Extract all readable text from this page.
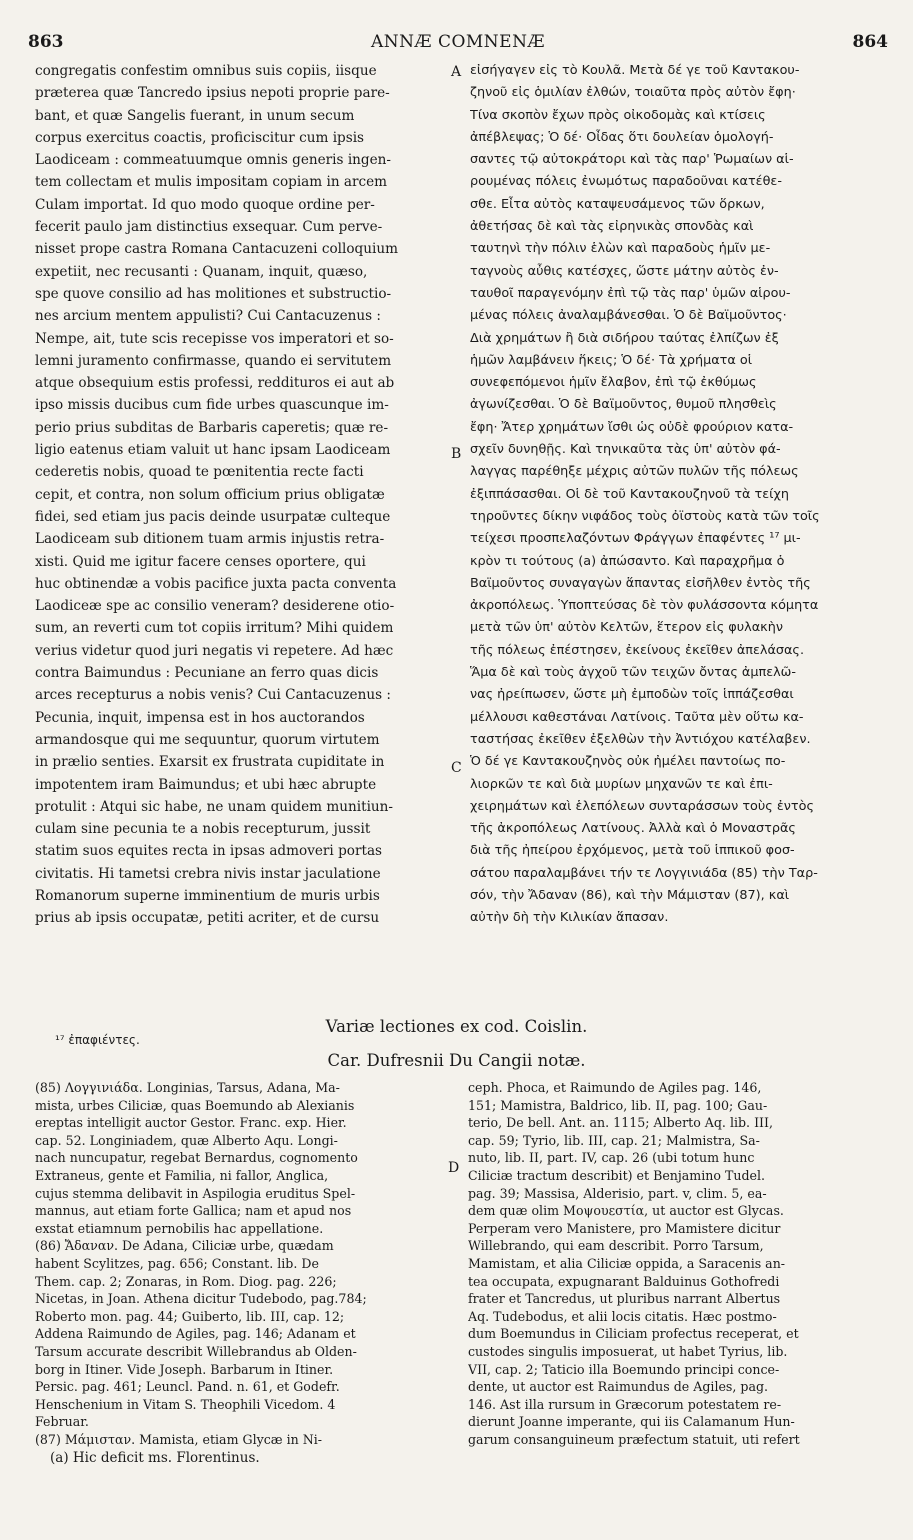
863	ANNÆ COMNENÆ	864
congregatis confestim omnibus suis copiis, iisque
præterea quæ Tancredo ipsius nepoti proprie pare-
bant, et quæ Sangelis fuerant, in unum secum
corpus exercitus coactis, proficiscitur cum ipsis
Laodiceam : commeatuumque omnis generis ingen-
tem collectam et mulis impositam copiam in arcem
Culam importat. Id quo modo quoque ordine per-
fecerit paulo jam distinctius exsequar. Cum perve-
nisset prope castra Romana Cantacuzeni colloquium
expetiit, nec recusanti : Quanam, inquit, quæso,
spe quove consilio ad has molitiones et substructio-
nes arcium mentem appulisti? Cui Cantacuzenus :
Nempe, ait, tute scis recepisse vos imperatori et so-
lemni juramento confirmasse, quando ei servitutem
atque obsequium estis professi, reddituros ei aut ab
ipso missis ducibus cum fide urbes quascunque im-
perio prius subditas de Barbaris caperetis; quæ re-
ligio eatenus etiam valuit ut hanc ipsam Laodiceam
cederetis nobis, quoad te pœnitentia recte facti
cepit, et contra, non solum officium prius obligatæ
fidei, sed etiam jus pacis deinde usurpatæ culteque
Laodiceam sub ditionem tuam armis injustis retra-
xisti. Quid me igitur facere censes oportere, qui
huc obtinendæ a vobis pacifice juxta pacta conventa
Laodiceæ spe ac consilio veneram? desiderene otio-
sum, an reverti cum tot copiis irritum? Mihi quidem
verius videtur quod juri negatis vi repetere. Ad hæc
contra Baimundus : Pecuniane an ferro quas dicis
arces recepturus a nobis venis? Cui Cantacuzenus :
Pecunia, inquit, impensa est in hos auctorandos
armandosque qui me sequuntur, quorum virtutem
in prælio senties. Exarsit ex frustrata cupiditate in
impotentem iram Baimundus; et ubi hæc abrupte
protulit : Atqui sic habe, ne unam quidem munitiun-
culam sine pecunia te a nobis recepturum, jussit
statim suos equites recta in ipsas admoveri portas
civitatis. Hi tametsi crebra nivis instar jaculatione
Romanorum superne imminentium de muris urbis
prius ab ipsis occupatæ, petiti acriter, et de cursu
εἰσήγαγεν εἰς τὸ Κουλᾶ. Μετὰ δέ γε τοῦ Καντακου-
ζηνοῦ εἰς ὁμιλίαν ἐλθών, τοιαῦτα πρὸς αὐτὸν ἔφη·
Τίνα σκοπὸν ἔχων πρὸς οἰκοδομὰς καὶ κτίσεις
ἀπέβλεψας; Ὁ δέ· Οἶδας ὅτι δουλείαν ὁμολογή-
σαντες τῷ αὐτοκράτορι καὶ τὰς παρ' Ῥωμαίων αἱ-
ρουμένας πόλεις ἐνωμότως παραδοῦναι κατέθε-
σθε. Εἶτα αὐτὸς καταψευσάμενος τῶν ὅρκων,
ἀθετήσας δὲ καὶ τὰς εἰρηνικὰς σπονδὰς καὶ
ταυτηνὶ τὴν πόλιν ἑλὼν καὶ παραδοὺς ἡμῖν με-
ταγνοὺς αὖθις κατέσχες, ὥστε μάτην αὐτὸς ἐν-
ταυθοῖ παραγενόμην ἐπὶ τῷ τὰς παρ' ὑμῶν αἱρου-
μένας πόλεις ἀναλαμβάνεσθαι. Ὁ δὲ Βαϊμοῦντος·
Διὰ χρημάτων ἢ διὰ σιδήρου ταύτας ἐλπίζων ἐξ
ἡμῶν λαμβάνειν ἥκεις; Ὁ δέ· Τὰ χρήματα οἱ
συνεφεπόμενοι ἡμῖν ἔλαβον, ἐπὶ τῷ ἐκθύμως
ἀγωνίζεσθαι. Ὁ δὲ Βαϊμοῦντος, θυμοῦ πλησθεὶς
ἔφη· Ἄτερ χρημάτων ἴσθι ὡς οὐδὲ φρούριον κατα-
σχεῖν δυνηθῇς. Καὶ τηνικαῦτα τὰς ὑπ' αὐτὸν φά-
λαγγας παρέθηξε μέχρις αὐτῶν πυλῶν τῆς πόλεως
ἐξιππάσασθαι. Οἱ δὲ τοῦ Καντακουζηνοῦ τὰ τείχη
τηροῦντες δίκην νιφάδος τοὺς ὀϊστοὺς κατὰ τῶν τοῖς
τείχεσι προσπελαζόντων Φράγγων ἐπαφέντες ¹⁷ μι-
κρὸν τι τούτους (a) ἀπώσαντο. Καὶ παραχρῆμα ὁ
Βαϊμοῦντος συναγαγὼν ἅπαντας εἰσῆλθεν ἐντὸς τῆς
ἀκροπόλεως. Ὑποπτεύσας δὲ τὸν φυλάσσοντα κόμητα
μετὰ τῶν ὑπ' αὐτὸν Κελτῶν, ἕτερον εἰς φυλακὴν
τῆς πόλεως ἐπέστησεν, ἐκείνους ἐκεῖθεν ἀπελάσας.
Ἅμα δὲ καὶ τοὺς ἀγχοῦ τῶν τειχῶν ὄντας ἀμπελῶ-
νας ἠρείπωσεν, ὥστε μὴ ἐμποδὼν τοῖς ἱππάζεσθαι
μέλλουσι καθεστάναι Λατίνοις. Ταῦτα μὲν οὕτω κα-
ταστήσας ἐκεῖθεν ἐξελθὼν τὴν Ἀντιόχου κατέλαβεν.
Ὁ δέ γε Καντακουζηνὸς οὐκ ἠμέλει παντοίως πο-
λιορκῶν τε καὶ διὰ μυρίων μηχανῶν τε καὶ ἐπι-
χειρημάτων καὶ ἑλεπόλεων συνταράσσων τοὺς ἐντὸς
τῆς ἀκροπόλεως Λατίνους. Ἀλλὰ καὶ ὁ Μοναστρᾶς
διὰ τῆς ἠπείρου ἐρχόμενος, μετὰ τοῦ ἱππικοῦ φοσ-
σάτου παραλαμβάνει τήν τε Λογγινιάδα (85) τὴν Ταρ-
σόν, τὴν Ἄδαναν (86), καὶ τὴν Μάμισταν (87), καὶ
αὐτὴν δὴ τὴν Κιλικίαν ἅπασαν.
A
B
C
D
Variæ lectiones ex cod. Coislin.
¹⁷ ἐπαφιέντες.
Car. Dufresnii Du Cangii notæ.
(85) Λογγινιάδα. Longinias, Tarsus, Adana, Ma-
mista, urbes Ciliciæ, quas Boemundo ab Alexianis
ereptas intelligit auctor Gestor. Franc. exp. Hier.
cap. 52. Longiniadem, quæ Alberto Aqu. Longi-
nach nuncupatur, regebat Bernardus, cognomento
Extraneus, gente et Familia, ni fallor, Anglica,
cujus stemma delibavit in Aspilogia eruditus Spel-
mannus, aut etiam forte Gallica; nam et apud nos
exstat etiamnum pernobilis hac appellatione.
(86) Ἄδαναν. De Adana, Ciliciæ urbe, quædam
habent Scylitzes, pag. 656; Constant. lib. De
Them. cap. 2; Zonaras, in Rom. Diog. pag. 226;
Nicetas, in Joan. Athena dicitur Tudebodo, pag.784;
Roberto mon. pag. 44; Guiberto, lib. III, cap. 12;
Addena Raimundo de Agiles, pag. 146; Adanam et
Tarsum accurate describit Willebrandus ab Olden-
borg in Itiner. Vide Joseph. Barbarum in Itiner.
Persic. pag. 461; Leuncl. Pand. n. 61, et Godefr.
Henschenium in Vitam S. Theophili Vicedom. 4
Februar.
(87) Μάμισταν. Mamista, etiam Glycæ in Ni-
ceph. Phoca, et Raimundo de Agiles pag. 146,
151; Mamistra, Baldrico, lib. II, pag. 100; Gau-
terio, De bell. Ant. an. 1115; Alberto Aq. lib. III,
cap. 59; Tyrio, lib. III, cap. 21; Malmistra, Sa-
nuto, lib. II, part. IV, cap. 26 (ubi totum hunc
Ciliciæ tractum describit) et Benjamino Tudel.
pag. 39; Massisa, Alderisio, part. v, clim. 5, ea-
dem quæ olim Μοψουεστία, ut auctor est Glycas.
Perperam vero Manistere, pro Mamistere dicitur
Willebrando, qui eam describit. Porro Tarsum,
Mamistam, et alia Ciliciæ oppida, a Saracenis an-
tea occupata, expugnarant Balduinus Gothofredi
frater et Tancredus, ut pluribus narrant Albertus
Aq. Tudebodus, et alii locis citatis. Hæc postmo-
dum Boemundus in Ciliciam profectus receperat, et
custodes singulis imposuerat, ut habet Tyrius, lib.
VII, cap. 2; Taticio illa Boemundo principi conce-
dente, ut auctor est Raimundus de Agiles, pag.
146. Ast illa rursum in Græcorum potestatem re-
dierunt Joanne imperante, qui iis Calamanum Hun-
garum consanguineum præfectum statuit, uti refert
(a) Hic deficit ms. Florentinus.
